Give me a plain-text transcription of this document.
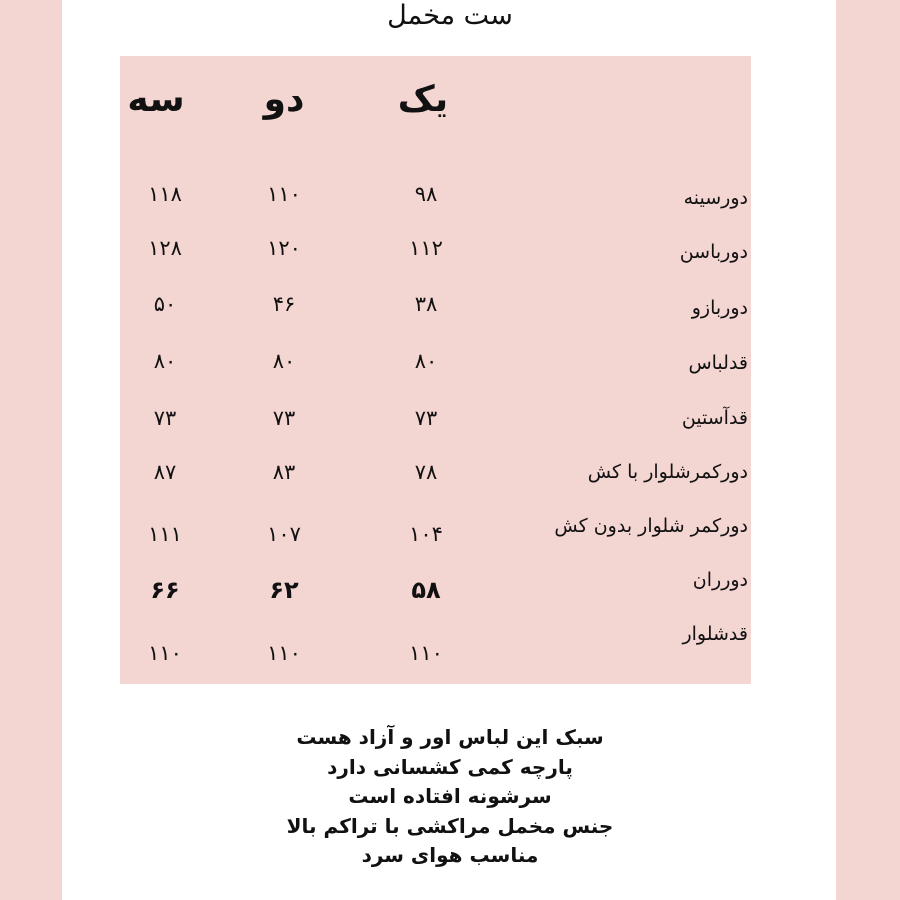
ست مخمل
یک
دو
سه
دورسینه
۹۸
۱۱۰
۱۱۸
دورباسن
۱۱۲
۱۲۰
۱۲۸
دوربازو
۳۸
۴۶
۵۰
قدلباس
۸۰
۸۰
۸۰
قدآستین
۷۳
۷۳
۷۳
دورکمرشلوار با کش
۷۸
۸۳
۸۷
دورکمر شلوار بدون کش
۱۰۴
۱۰۷
۱۱۱
دورران
۵۸
۶۲
۶۶
قدشلوار
۱۱۰
۱۱۰
۱۱۰
سبک این لباس اور و آزاد هست
پارچه کمی کشسانی دارد
سرشونه افتاده است
جنس مخمل مراکشی با تراکم بالا
مناسب هوای سرد
